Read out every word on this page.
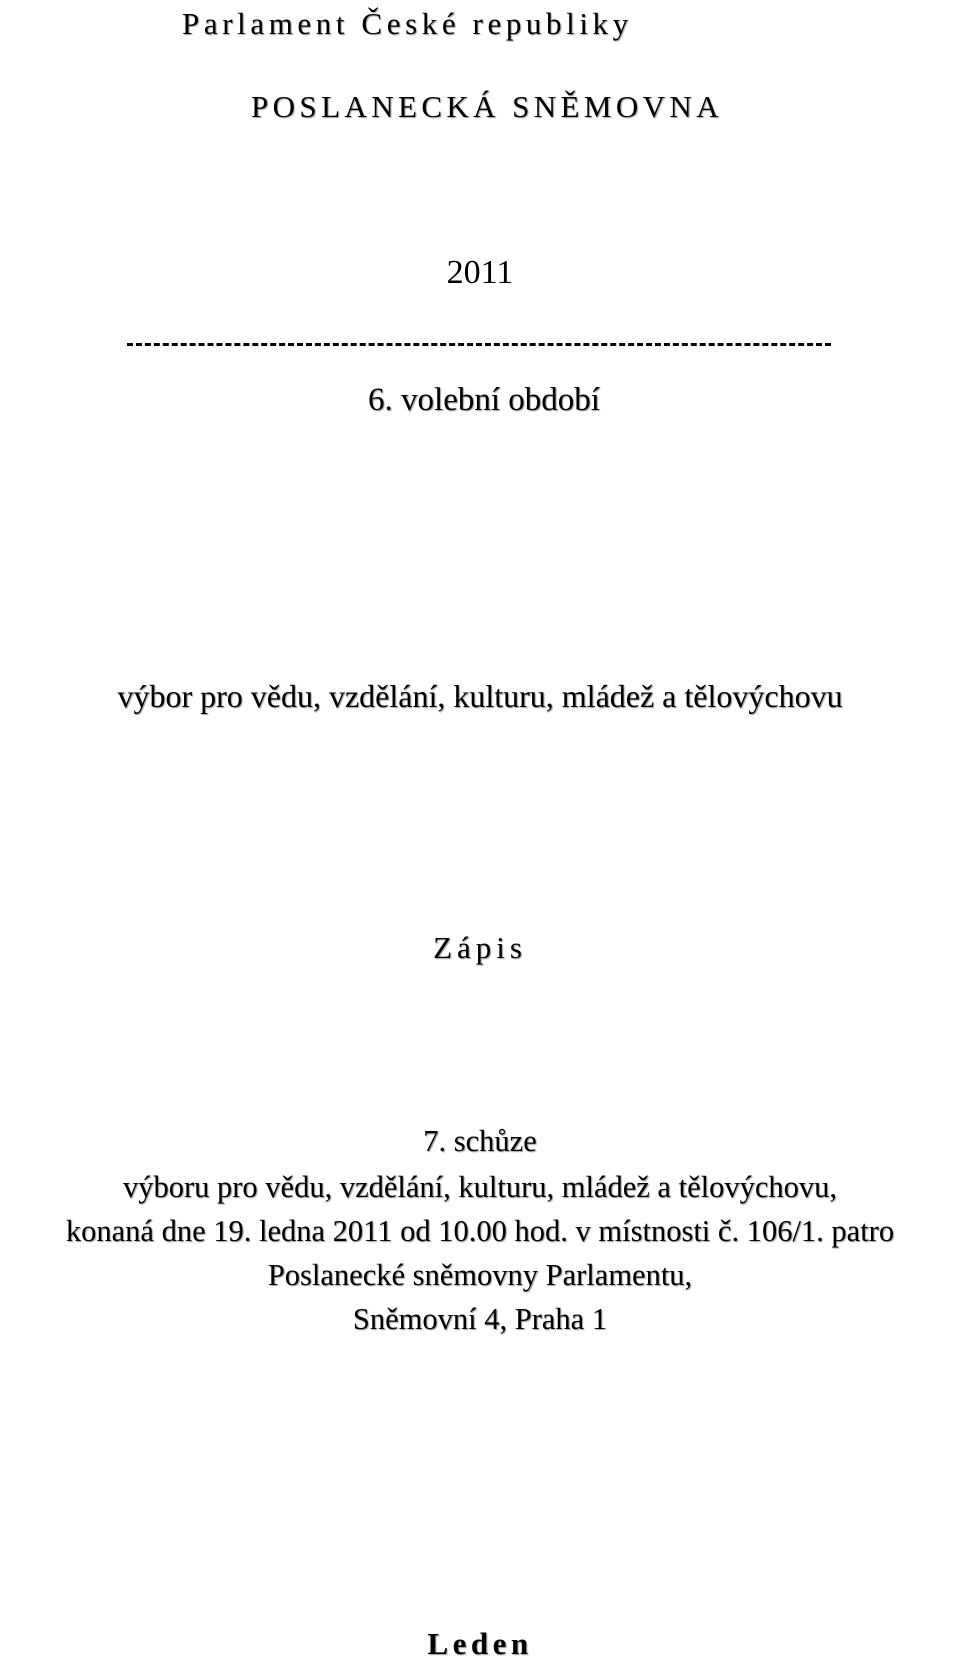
Parlament České republiky
POSLANECKÁ SNĚMOVNA
2011
6. volební období
výbor pro vědu, vzdělání, kulturu, mládež a tělovýchovu
Zápis
7. schůze
výboru pro vědu, vzdělání, kulturu, mládež a tělovýchovu,
konaná dne 19. ledna 2011 od 10.00 hod. v místnosti č. 106/1. patro
Poslanecké sněmovny Parlamentu,
Sněmovní 4, Praha 1
Leden
